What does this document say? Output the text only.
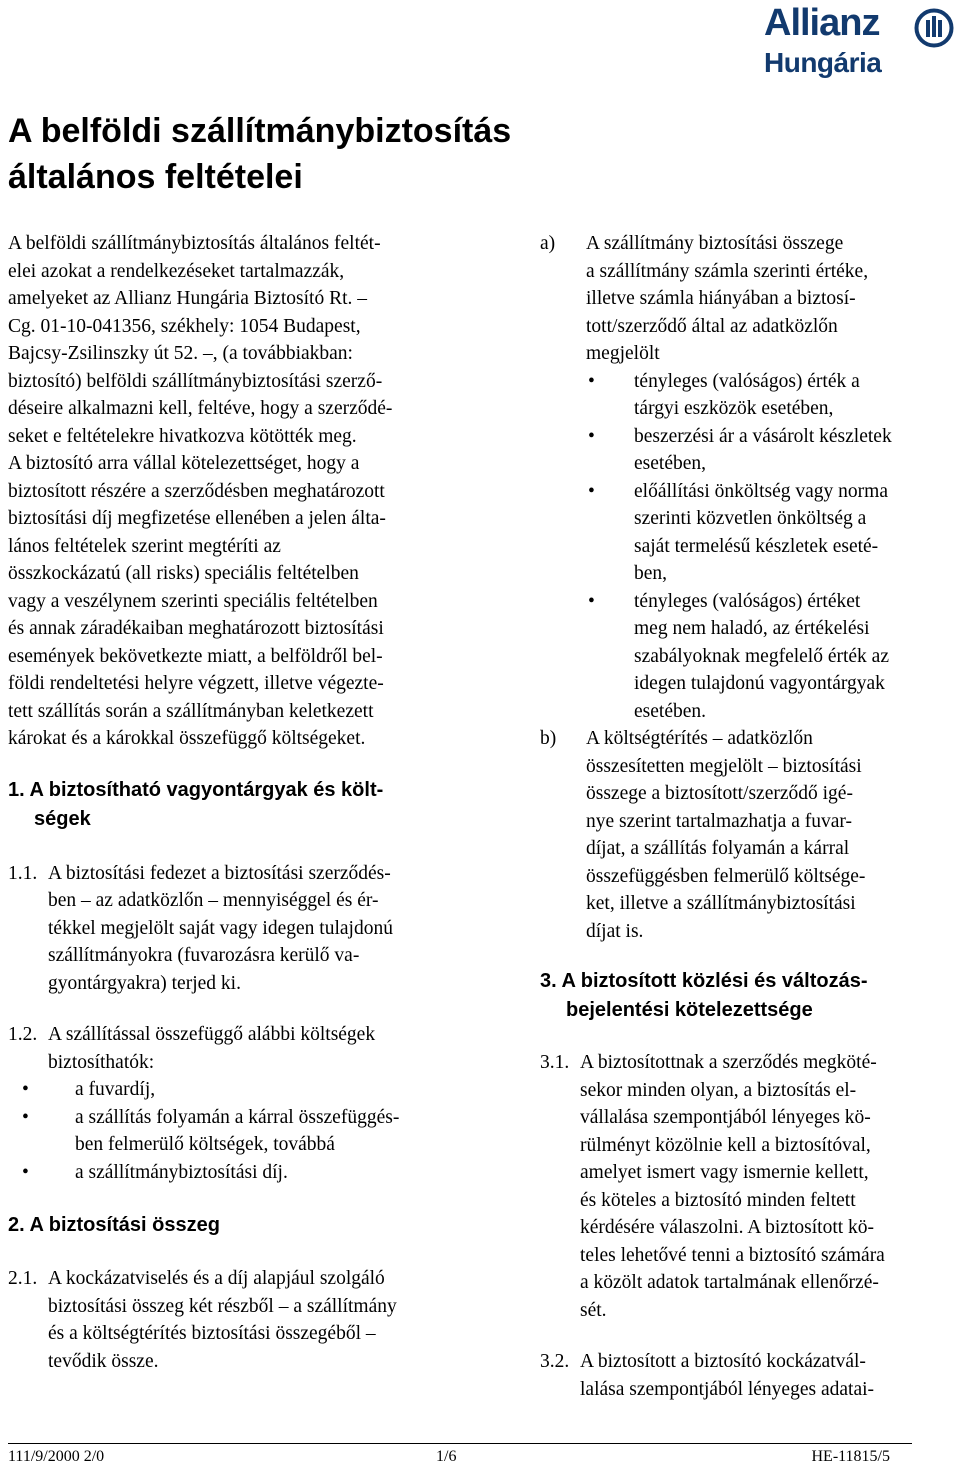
Allianz
Hungária
A belföldi szállítmánybiztosítás
általános feltételei

A belföldi szállítmánybiztosítás általános feltét-
elei azokat a rendelkezéseket tartalmazzák,
amelyeket az Allianz Hungária Biztosító Rt. –
Cg. 01-10-041356, székhely: 1054 Budapest,
Bajcsy-Zsilinszky út 52. –, (a továbbiakban:
biztosító) belföldi szállítmánybiztosítási szerző-
déseire alkalmazni kell, feltéve, hogy a szerződé-
seket e feltételekre hivatkozva kötötték meg.

A biztosító arra vállal kötelezettséget, hogy a
biztosított részére a szerződésben meghatározott
biztosítási díj megfizetése ellenében a jelen álta-
lános feltételek szerint megtéríti az
összkockázatú (all risks) speciális feltételben
vagy a veszélynem szerinti speciális feltételben
és annak záradékaiban meghatározott biztosítási
események bekövetkezte miatt, a belföldről bel-
földi rendeltetési helyre végzett, illetve végezte-
tett szállítás során a szállítmányban keletkezett
károkat és a károkkal összefüggő költségeket.

1. A biztosítható vagyontárgyak és költ-
ségek
1.1. A biztosítási fedezet a biztosítási szerződés-
ben – az adatközlőn – mennyiséggel és ér-
tékkel megjelölt saját vagy idegen tulajdonú
szállítmányokra (fuvarozásra kerülő va-
gyontárgyakra) terjed ki.
1.2. A szállítással összefüggő alábbi költségek
biztosíthatók:
• a fuvardíj,
• a szállítás folyamán a kárral összefüggés-
ben felmerülő költségek, továbbá
• a szállítmánybiztosítási díj.
2. A biztosítási összeg
2.1. A kockázatviselés és a díj alapjául szolgáló
biztosítási összeg két részből – a szállítmány
és a költségtérítés biztosítási összegéből –
tevődik össze.
a)	A szállítmány biztosítási összege
a szállítmány számla szerinti értéke,
illetve számla hiányában a biztosí-
tott/szerződő által az adatközlőn
megjelölt
• tényleges (valóságos) érték a
tárgyi eszközök esetében,
• beszerzési ár a vásárolt készletek
esetében,
• előállítási önköltség vagy norma
szerinti közvetlen önköltség a
saját termelésű készletek eseté-
ben,
• tényleges (valóságos) értéket
meg nem haladó, az értékelési
szabályoknak megfelelő érték az
idegen tulajdonú vagyontárgyak
esetében.
b)	A költségtérítés – adatközlőn
összesítetten megjelölt – biztosítási
összege a biztosított/szerződő igé-
nye szerint tartalmazhatja a fuvar-
díjat, a szállítás folyamán a kárral
összefüggésben felmerülő költsége-
ket, illetve a szállítmánybiztosítási
díjat is.
3. A biztosított közlési és változás-
bejelentési kötelezettsége
3.1. A biztosítottnak a szerződés megköté-
sekor minden olyan, a biztosítás el-
vállalása szempontjából lényeges kö-
rülményt közölnie kell a biztosítóval,
amelyet ismert vagy ismernie kellett,
és köteles a biztosító minden feltett
kérdésére válaszolni. A biztosított kö-
teles lehetővé tenni a biztosító számára
a közölt adatok tartalmának ellenőrzé-
sét.
3.2. A biztosított a biztosító kockázatvál-
lalása szempontjából lényeges adatai-
111/9/2000 2/0	1/6	HE-11815/5
